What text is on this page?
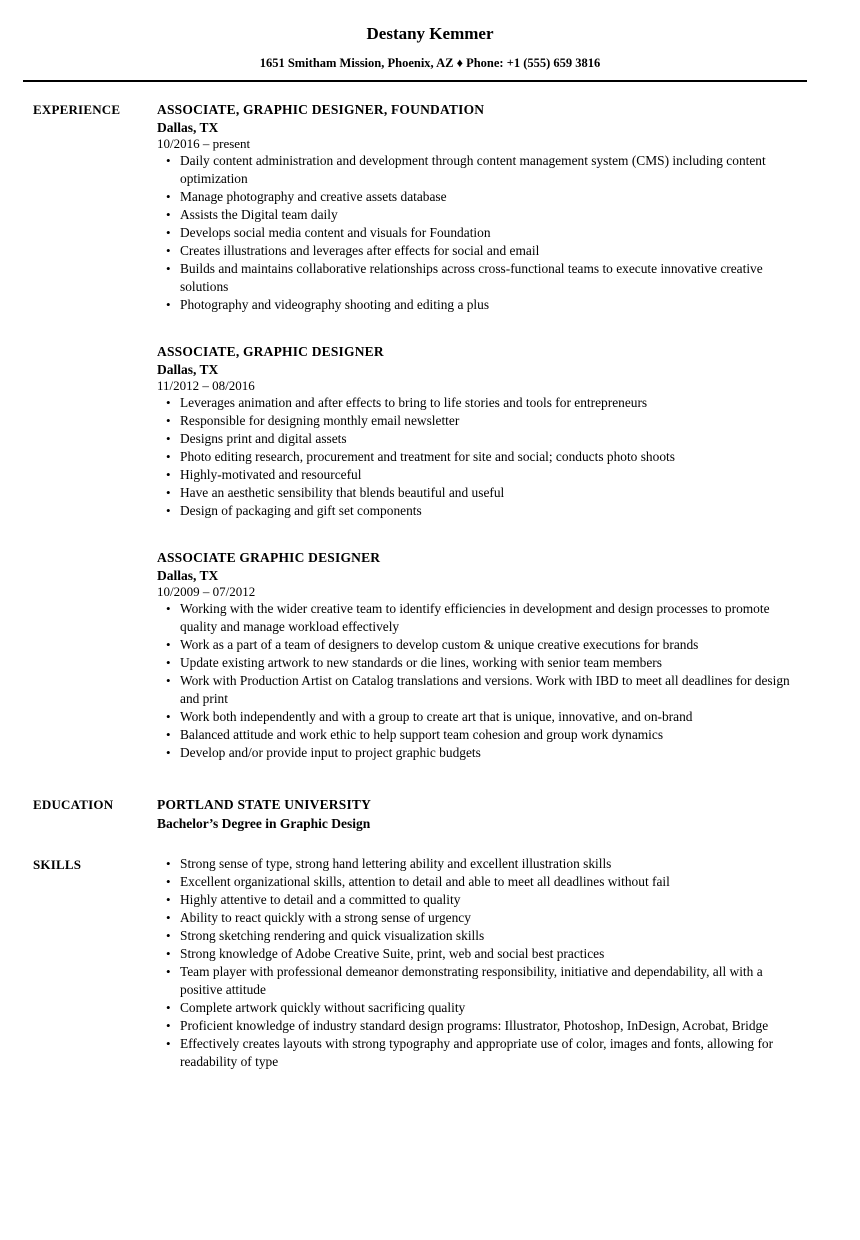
Destany Kemmer

1651 Smitham Mission, Phoenix, AZ ♦ Phone: +1 (555) 659 3816

EXPERIENCE	ASSOCIATE, GRAPHIC DESIGNER, FOUNDATION
Dallas, TX
10/2016 – present
• Daily content administration and development through content management system (CMS) including content optimization
• Manage photography and creative assets database
• Assists the Digital team daily
• Develops social media content and visuals for Foundation
• Creates illustrations and leverages after effects for social and email
• Builds and maintains collaborative relationships across cross-functional teams to execute innovative creative solutions
• Photography and videography shooting and editing a plus
ASSOCIATE, GRAPHIC DESIGNER
Dallas, TX
11/2012 – 08/2016
• Leverages animation and after effects to bring to life stories and tools for entrepreneurs
• Responsible for designing monthly email newsletter
• Designs print and digital assets
• Photo editing research, procurement and treatment for site and social; conducts photo shoots
• Highly-motivated and resourceful
• Have an aesthetic sensibility that blends beautiful and useful
• Design of packaging and gift set components
ASSOCIATE GRAPHIC DESIGNER
Dallas, TX
10/2009 – 07/2012
• Working with the wider creative team to identify efficiencies in development and design processes to promote quality and manage workload effectively
• Work as a part of a team of designers to develop custom & unique creative executions for brands
• Update existing artwork to new standards or die lines, working with senior team members
• Work with Production Artist on Catalog translations and versions. Work with IBD to meet all deadlines for design and print
• Work both independently and with a group to create art that is unique, innovative, and on-brand
• Balanced attitude and work ethic to help support team cohesion and group work dynamics
• Develop and/or provide input to project graphic budgets
EDUCATION	PORTLAND STATE UNIVERSITY
Bachelor’s Degree in Graphic Design
SKILLS	• Strong sense of type, strong hand lettering ability and excellent illustration skills
• Excellent organizational skills, attention to detail and able to meet all deadlines without fail
• Highly attentive to detail and a committed to quality
• Ability to react quickly with a strong sense of urgency
• Strong sketching rendering and quick visualization skills
• Strong knowledge of Adobe Creative Suite, print, web and social best practices
• Team player with professional demeanor demonstrating responsibility, initiative and dependability, all with a positive attitude
• Complete artwork quickly without sacrificing quality
• Proficient knowledge of industry standard design programs: Illustrator, Photoshop, InDesign, Acrobat, Bridge
• Effectively creates layouts with strong typography and appropriate use of color, images and fonts, allowing for readability of type
